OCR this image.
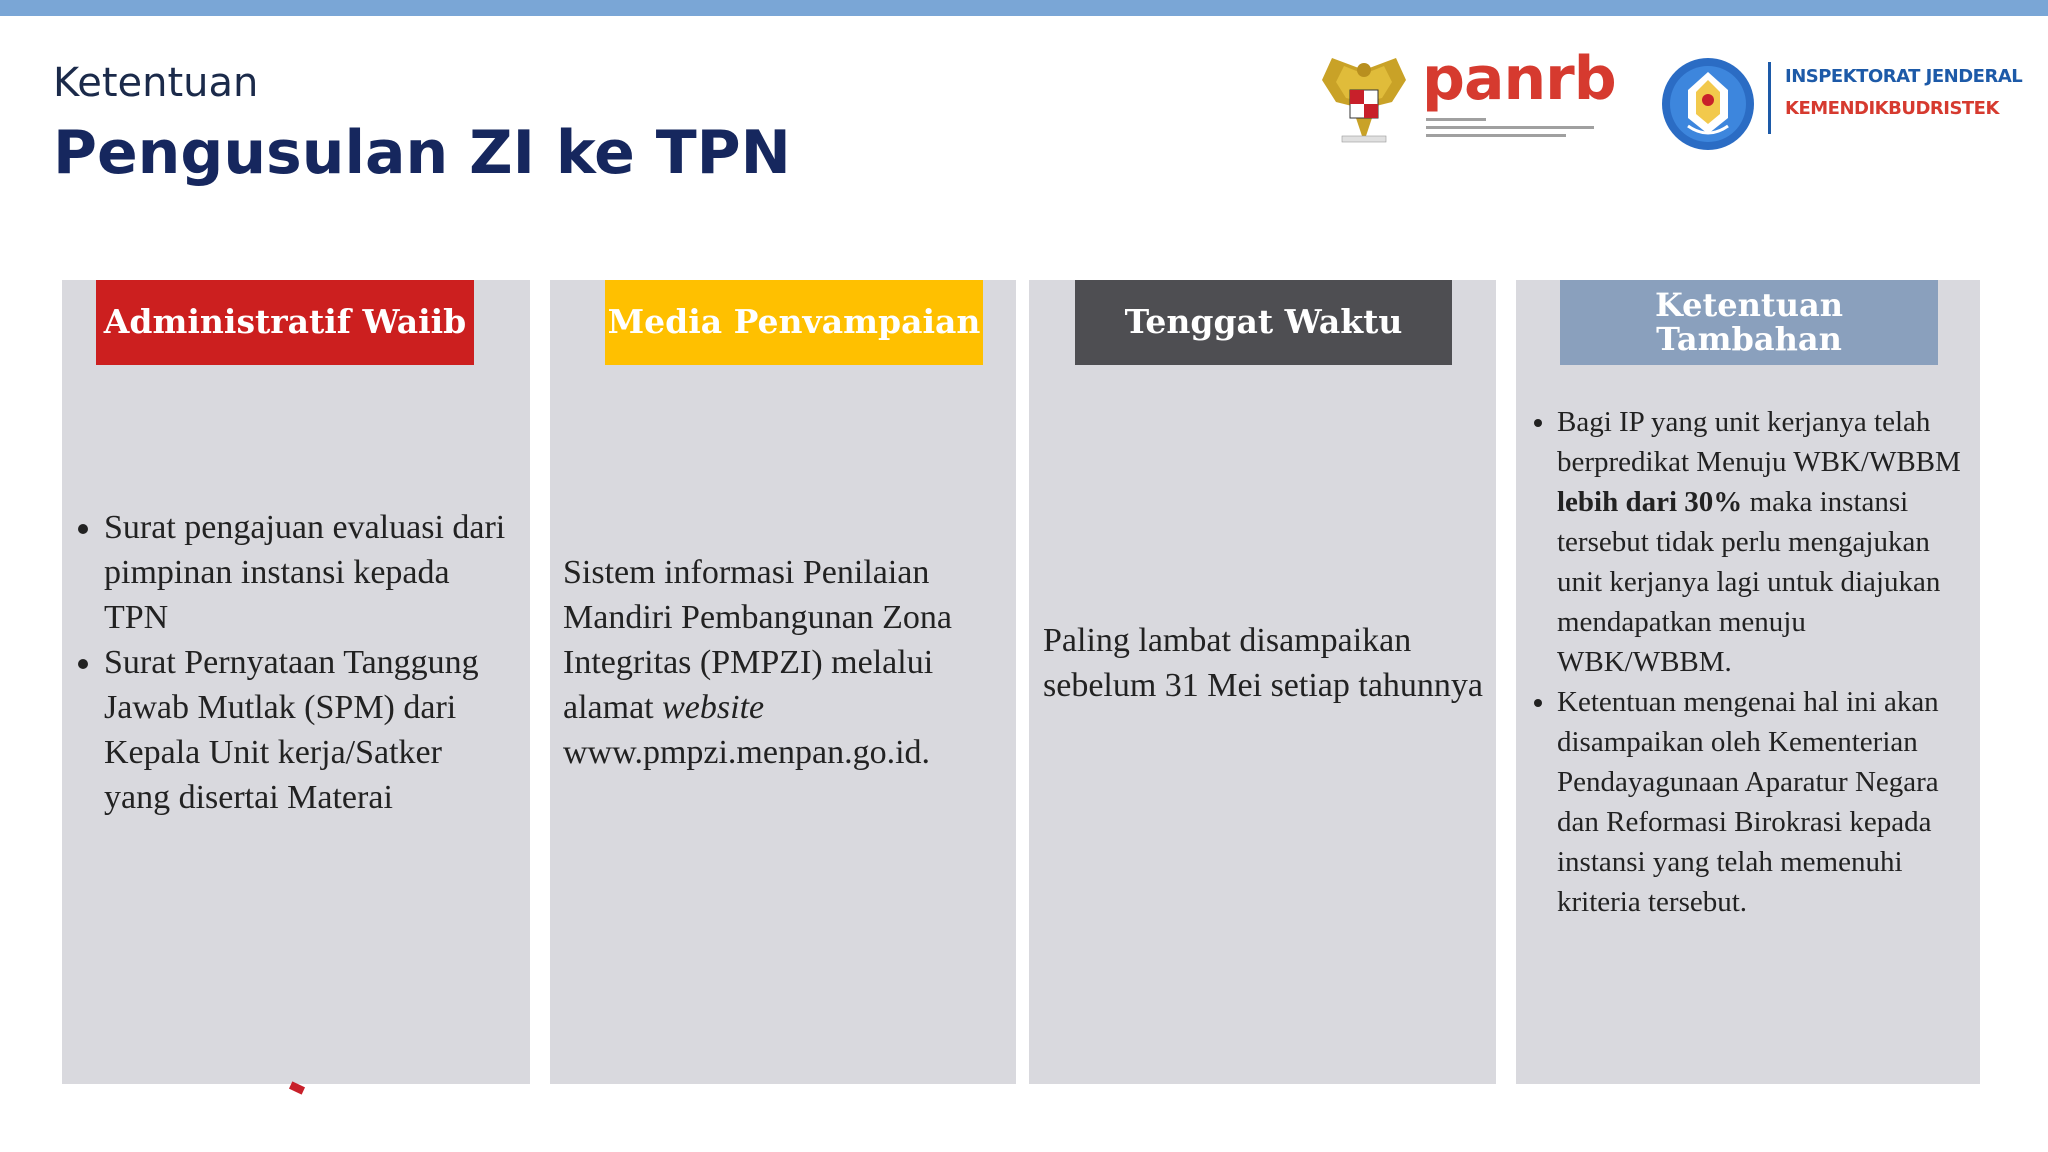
Ketentuan
Pengusulan ZI ke TPN
panrb	INSPEKTORAT JENDERAL
KEMENDIKBUDRISTEK
Administratif Waiib
• Surat pengajuan evaluasi dari pimpinan instansi kepada TPN
• Surat Pernyataan Tanggung Jawab Mutlak (SPM) dari Kepala Unit kerja/Satker yang disertai Materai
Media Penvampaian
Sistem informasi Penilaian Mandiri Pembangunan Zona Integritas (PMPZI) melalui alamat website www.pmpzi.menpan.go.id.
Tenggat Waktu
Paling lambat disampaikan sebelum 31 Mei setiap tahunnya
Ketentuan Tambahan
• Bagi IP yang unit kerjanya telah berpredikat Menuju WBK/WBBM lebih dari 30% maka instansi tersebut tidak perlu mengajukan unit kerjanya lagi untuk diajukan mendapatkan menuju WBK/WBBM.
• Ketentuan mengenai hal ini akan disampaikan oleh Kementerian Pendayagunaan Aparatur Negara dan Reformasi Birokrasi kepada instansi yang telah memenuhi kriteria tersebut.
